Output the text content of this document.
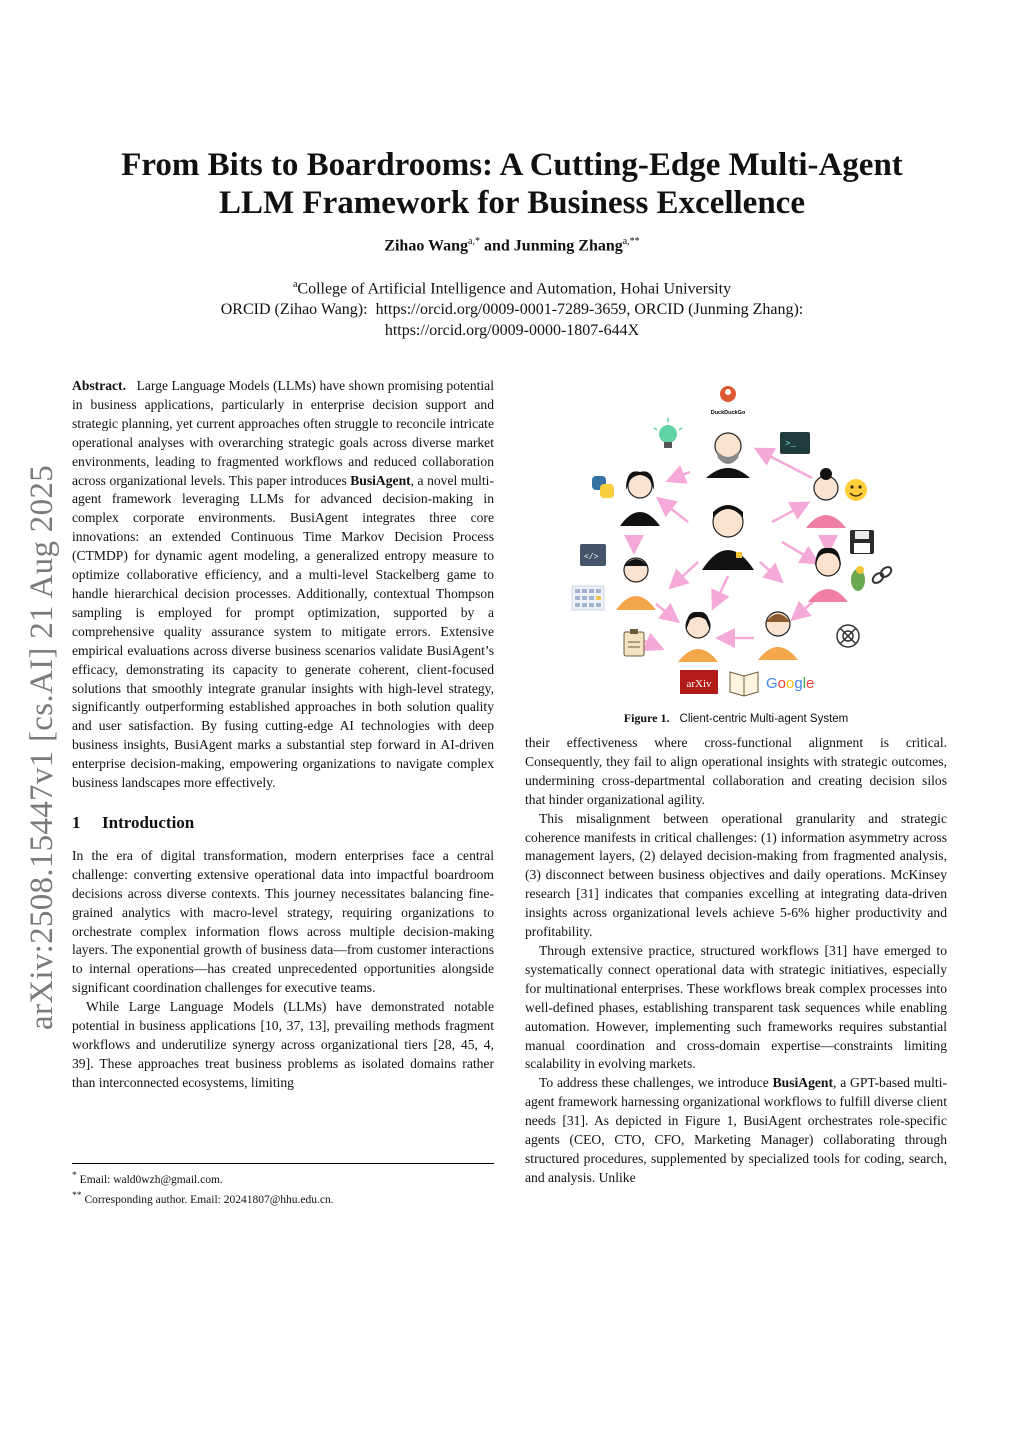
arXiv:2508.15447v1 [cs.AI] 21 Aug 2025
From Bits to Boardrooms: A Cutting-Edge Multi-Agent
LLM Framework for Business Excellence
Zihao Wang$^{a,*}$ and Junming Zhang$^{a,**}$
$^a$College of Artificial Intelligence and Automation, Hohai University
ORCID (Zihao Wang):  https://orcid.org/0009-0001-7289-3659, ORCID (Junming Zhang):
https://orcid.org/0009-0000-1807-644X

Abstract. Large Language Models (LLMs) have shown promising potential in business applications, particularly in enterprise decision support and strategic planning, yet current approaches often struggle to reconcile intricate operational analyses with overarching strategic goals across diverse market environments, leading to fragmented workflows and reduced collaboration across organizational levels. This paper introduces BusiAgent, a novel multi-agent framework leveraging LLMs for advanced decision-making in complex corporate environments. BusiAgent integrates three core innovations: an extended Continuous Time Markov Decision Process (CTMDP) for dynamic agent modeling, a generalized entropy measure to optimize collaborative efficiency, and a multi-level Stackelberg game to handle hierarchical decision processes. Additionally, contextual Thompson sampling is employed for prompt optimization, supported by a comprehensive quality assurance system to mitigate errors. Extensive empirical evaluations across diverse business scenarios validate BusiAgent’s efficacy, demonstrating its capacity to generate coherent, client-focused solutions that smoothly integrate granular insights with high-level strategy, significantly outperforming established approaches in both solution quality and user satisfaction. By fusing cutting-edge AI technologies with deep business insights, BusiAgent marks a substantial step forward in AI-driven enterprise decision-making, empowering organizations to navigate complex business landscapes more effectively.

1 Introduction

In the era of digital transformation, modern enterprises face a central challenge: converting extensive operational data into impactful boardroom decisions across diverse contexts. This journey necessitates balancing fine-grained analytics with macro-level strategy, requiring organizations to orchestrate complex information flows across multiple decision-making layers. The exponential growth of business data—from customer interactions to internal operations—has created unprecedented opportunities alongside significant coordination challenges for executive teams.

While Large Language Models (LLMs) have demonstrated notable potential in business applications [10, 37, 13], prevailing methods fragment workflows and underutilize synergy across organizational tiers [28, 45, 4, 39]. These approaches treat business problems as isolated domains rather than interconnected ecosystems, limiting

* Email: wald0wzh@gmail.com.
** Corresponding author. Email: 20241807@hhu.edu.cn.
DuckDuckGo
>_
</>
arXiv	Google
Figure 1. Client-centric Multi-agent System

their effectiveness where cross-functional alignment is critical. Consequently, they fail to align operational insights with strategic outcomes, undermining cross-departmental collaboration and creating decision silos that hinder organizational agility.

This misalignment between operational granularity and strategic coherence manifests in critical challenges: (1) information asymmetry across management layers, (2) delayed decision-making from fragmented analysis, (3) disconnect between business objectives and daily operations. McKinsey research [31] indicates that companies excelling at integrating data-driven insights across organizational levels achieve 5-6% higher productivity and profitability.

Through extensive practice, structured workflows [31] have emerged to systematically connect operational data with strategic initiatives, especially for multinational enterprises. These workflows break complex processes into well-defined phases, establishing transparent task sequences while enabling automation. However, implementing such frameworks requires substantial manual coordination and cross-domain expertise—constraints limiting scalability in evolving markets.

To address these challenges, we introduce BusiAgent, a GPT-based multi-agent framework harnessing organizational workflows to fulfill diverse client needs [31]. As depicted in Figure 1, BusiAgent orchestrates role-specific agents (CEO, CTO, CFO, Marketing Manager) collaborating through structured procedures, supplemented by specialized tools for coding, search, and analysis. Unlike
